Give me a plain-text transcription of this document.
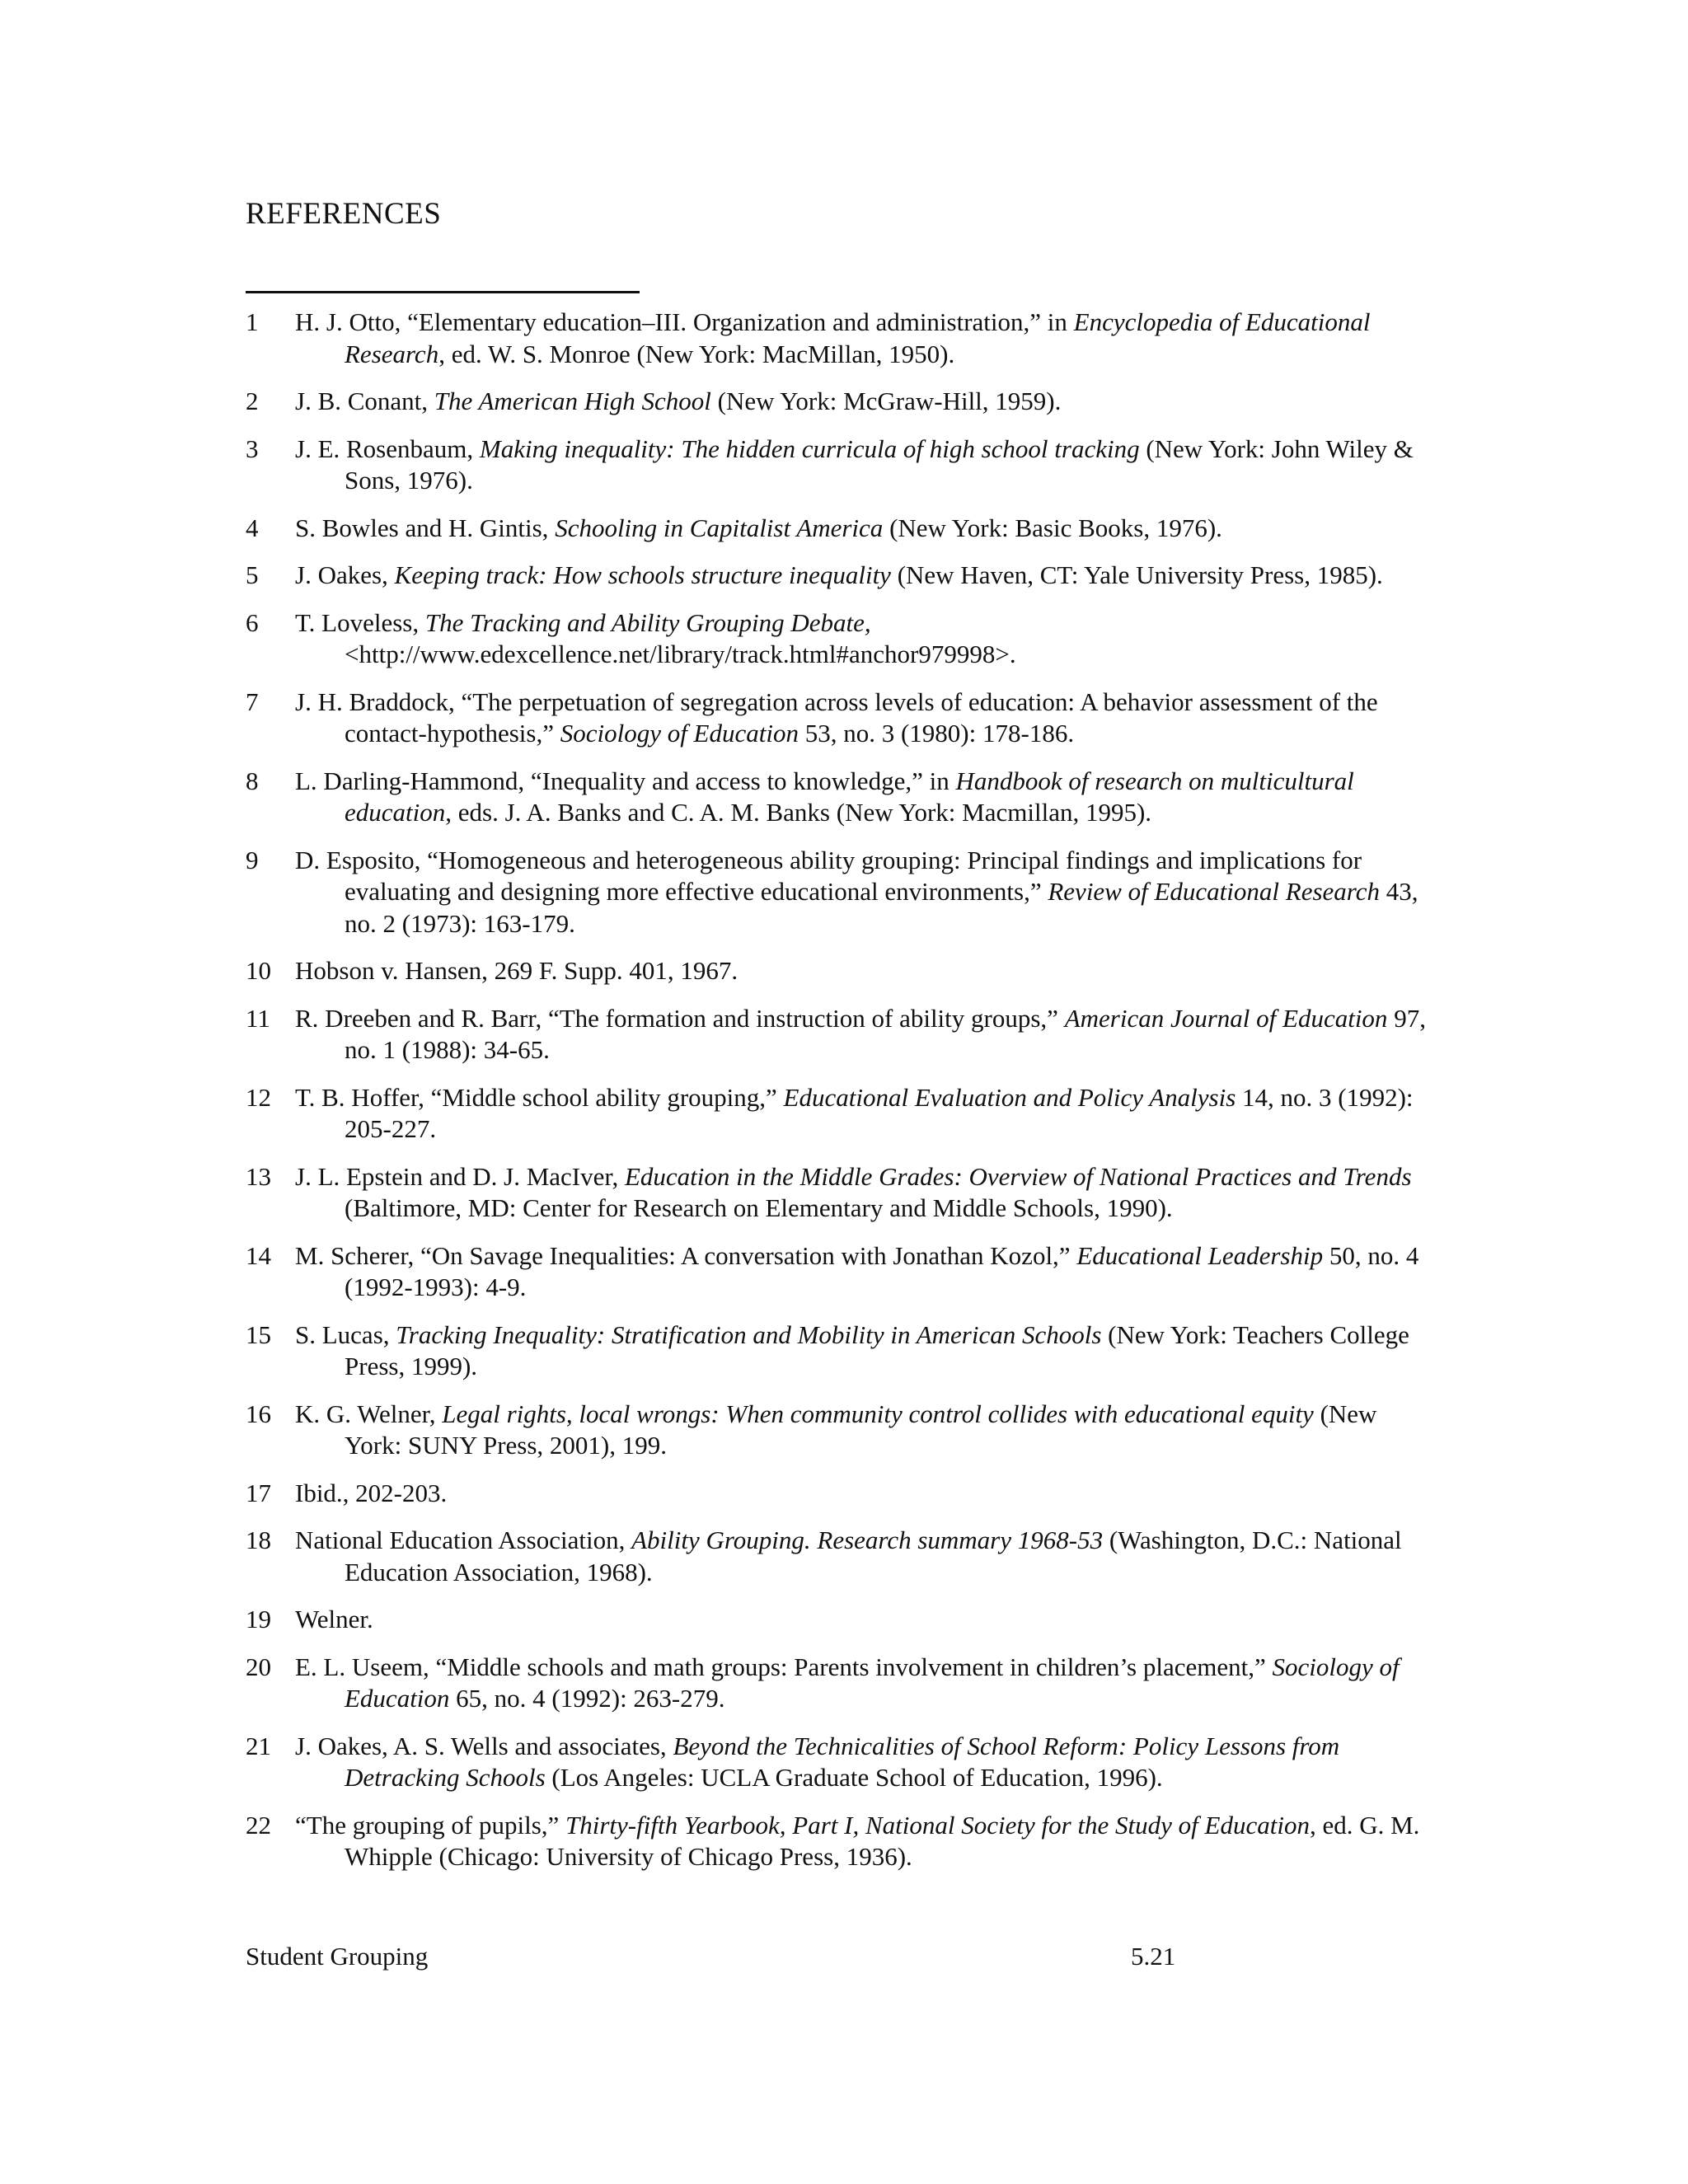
REFERENCES
1	H. J. Otto, “Elementary education–III. Organization and administration,” in Encyclopedia of Educational Research, ed. W. S. Monroe (New York: MacMillan, 1950).
2	J. B. Conant, The American High School (New York: McGraw-Hill, 1959).
3	J. E. Rosenbaum, Making inequality: The hidden curricula of high school tracking (New York: John Wiley & Sons, 1976).
4	S. Bowles and H. Gintis, Schooling in Capitalist America (New York: Basic Books, 1976).
5	J. Oakes, Keeping track: How schools structure inequality (New Haven, CT: Yale University Press, 1985).
6	T. Loveless, The Tracking and Ability Grouping Debate, <http://www.edexcellence.net/library/track.html#anchor979998>.
7	J. H. Braddock, “The perpetuation of segregation across levels of education: A behavior assessment of the contact-hypothesis,” Sociology of Education 53, no. 3 (1980): 178-186.
8	L. Darling-Hammond, “Inequality and access to knowledge,” in Handbook of research on multicultural education, eds. J. A. Banks and C. A. M. Banks (New York: Macmillan, 1995).
9	D. Esposito, “Homogeneous and heterogeneous ability grouping: Principal findings and implications for evaluating and designing more effective educational environments,” Review of Educational Research 43, no. 2 (1973): 163-179.
10 Hobson v. Hansen, 269 F. Supp. 401, 1967.
11 R. Dreeben and R. Barr, “The formation and instruction of ability groups,” American Journal of Education 97, no. 1 (1988): 34-65.
12 T. B. Hoffer, “Middle school ability grouping,” Educational Evaluation and Policy Analysis 14, no. 3 (1992): 205-227.
13 J. L. Epstein and D. J. MacIver, Education in the Middle Grades: Overview of National Practices and Trends (Baltimore, MD: Center for Research on Elementary and Middle Schools, 1990).
14 M. Scherer, “On Savage Inequalities: A conversation with Jonathan Kozol,” Educational Leadership 50, no. 4 (1992-1993): 4-9.
15 S. Lucas, Tracking Inequality: Stratification and Mobility in American Schools (New York: Teachers College Press, 1999).
16 K. G. Welner, Legal rights, local wrongs: When community control collides with educational equity (New York: SUNY Press, 2001), 199.
17 Ibid., 202-203.
18 National Education Association, Ability Grouping. Research summary 1968-53 (Washington, D.C.: National Education Association, 1968).
19 Welner.
20 E. L. Useem, “Middle schools and math groups: Parents involvement in children’s placement,” Sociology of Education 65, no. 4 (1992): 263-279.
21 J. Oakes, A. S. Wells and associates, Beyond the Technicalities of School Reform: Policy Lessons from Detracking Schools (Los Angeles: UCLA Graduate School of Education, 1996).
22 “The grouping of pupils,” Thirty-fifth Yearbook, Part I, National Society for the Study of Education, ed. G. M. Whipple (Chicago: University of Chicago Press, 1936).
Student Grouping	5.21
